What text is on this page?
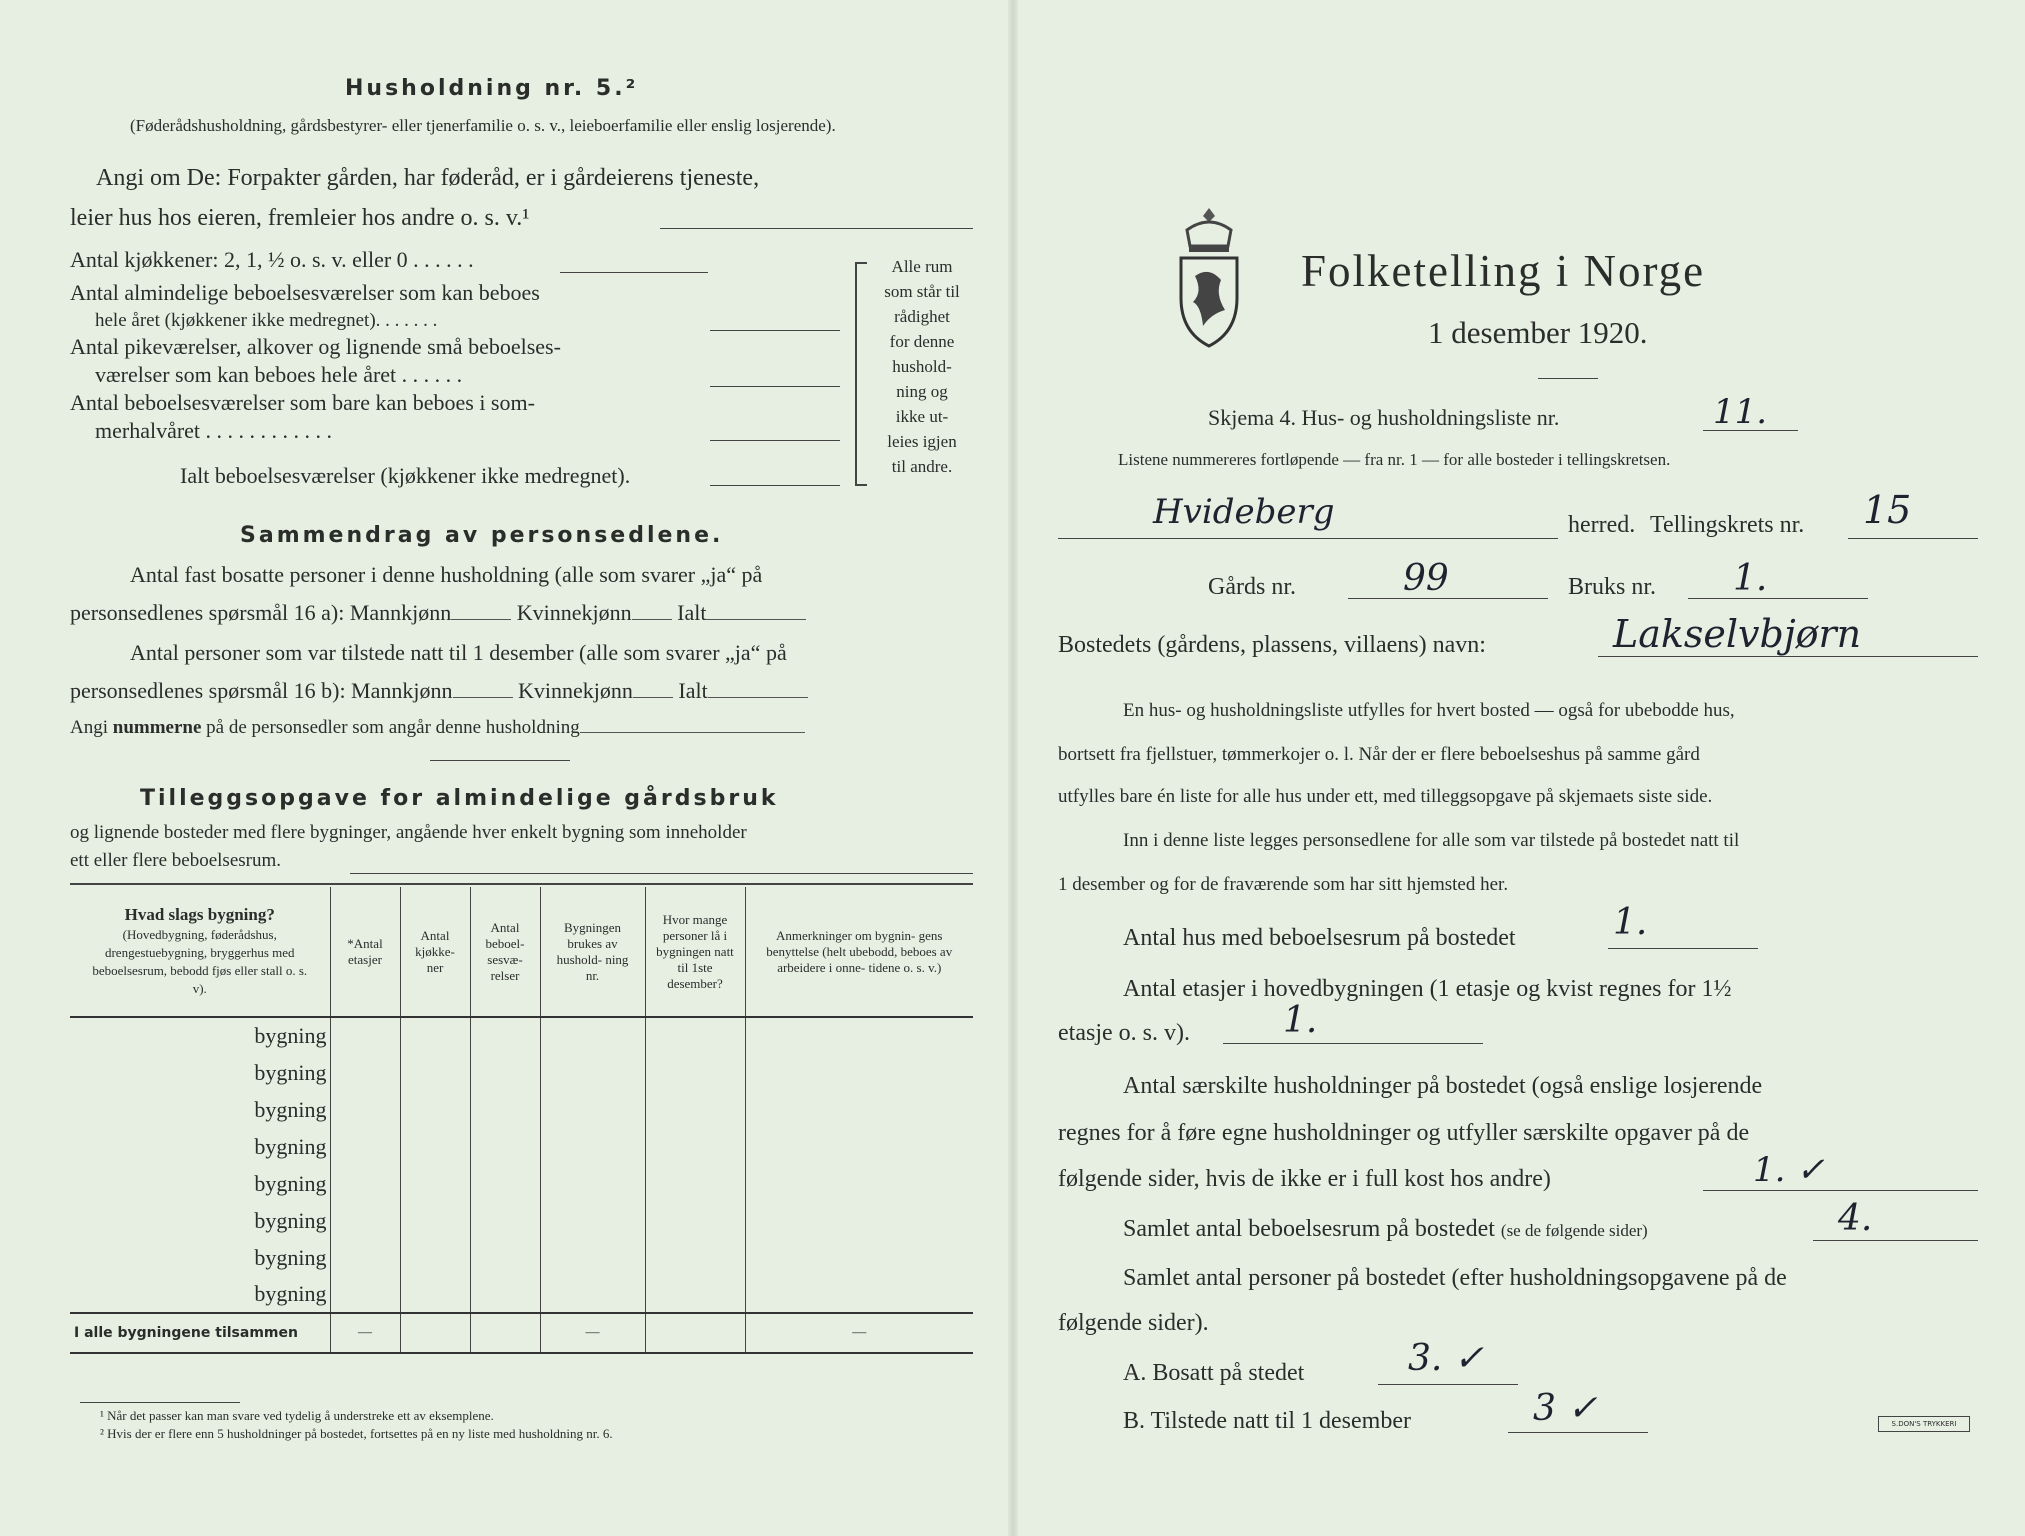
Husholdning nr. 5.²
(Føderådshusholdning, gårdsbestyrer- eller tjenerfamilie o. s. v., leieboerfamilie eller enslig losjerende).
Angi om De: Forpakter gården, har føderåd, er i gårdeierens tjeneste,
leier hus hos eieren, fremleier hos andre o. s. v.¹
Antal kjøkkener: 2, 1, ½ o. s. v. eller 0 . . . . . .
Antal almindelige beboelsesværelser som kan beboes
hele året (kjøkkener ikke medregnet). . . . . . .
Antal pikeværelser, alkover og lignende små beboelses-
værelser som kan beboes hele året . . . . . .
Antal beboelsesværelser som bare kan beboes i som-
merhalvåret . . . . . . . . . . . .
Ialt beboelsesværelser (kjøkkener ikke medregnet).
Alle rum
som står til
rådighet
for denne
hushold-
ning og
ikke ut-
leies igjen
til andre.
Sammendrag av personsedlene.
Antal fast bosatte personer i denne husholdning (alle som svarer „ja“ på
personsedlenes spørsmål 16 a): Mannkjønn	Kvinnekjønn Ialt
Antal personer som var tilstede natt til 1 desember (alle som svarer „ja“ på
personsedlenes spørsmål 16 b): Mannkjønn	Kvinnekjønn Ialt
Angi nummerne på de personsedler som angår denne husholdning
Tilleggsopgave for almindelige gårdsbruk
og lignende bosteder med flere bygninger, angående hver enkelt bygning som inneholder
ett eller flere beboelsesrum.
Hvad slags bygning?

(Hovedbygning, føderådshus, drengestuebygning, bryggerhus med beboelsesrum, bebodd fjøs eller stall o. s. v).	*Antal etasjer	Antal kjøkke- ner	Antal beboel- sesvæ- relser	Bygningen brukes av hushold- ning nr.	Hvor mange personer lå i bygningen natt til 1ste desember?	Anmerkninger om bygnin- gens benyttelse (helt ubebodd, beboes av arbeidere i onne- tidene o. s. v.)
bygning						
bygning						
bygning						
bygning						
bygning						
bygning						
bygning						
bygning						
I alle bygningene tilsammen	—			—		—
¹ Når det passer kan man svare ved tydelig å understreke ett av eksemplene.
² Hvis der er flere enn 5 husholdninger på bostedet, fortsettes på en ny liste med husholdning nr. 6.
Folketelling i Norge
1 desember 1920.
Skjema 4. Hus- og husholdningsliste nr.	11.
Listene nummereres fortløpende — fra nr. 1 — for alle bosteder i tellingskretsen.
Hvideberg	herred. Tellingskrets nr. 15
Gårds nr.	99	Bruks nr. 1.
Bostedets (gårdens, plassens, villaens) navn:	Lakselvbjørn
En hus- og husholdningsliste utfylles for hvert bosted — også for ubebodde hus,
bortsett fra fjellstuer, tømmerkojer o. l. Når der er flere beboelseshus på samme gård
utfylles bare én liste for alle hus under ett, med tilleggsopgave på skjemaets siste side.
Inn i denne liste legges personsedlene for alle som var tilstede på bostedet natt til
1 desember og for de fraværende som har sitt hjemsted her.
Antal hus med beboelsesrum på bostedet	1.
Antal etasjer i hovedbygningen (1 etasje og kvist regnes for 1½
etasje o. s. v).	1.
Antal særskilte husholdninger på bostedet (også enslige losjerende
regnes for å føre egne husholdninger og utfyller særskilte opgaver på de
følgende sider, hvis de ikke er i full kost hos andre)	1. ✓
Samlet antal beboelsesrum på bostedet (se de følgende sider)	4.
Samlet antal personer på bostedet (efter husholdningsopgavene på de
følgende sider).
A. Bosatt på stedet	3. ✓
B. Tilstede natt til 1 desember	3 ✓	S.DON'S TRYKKERI
